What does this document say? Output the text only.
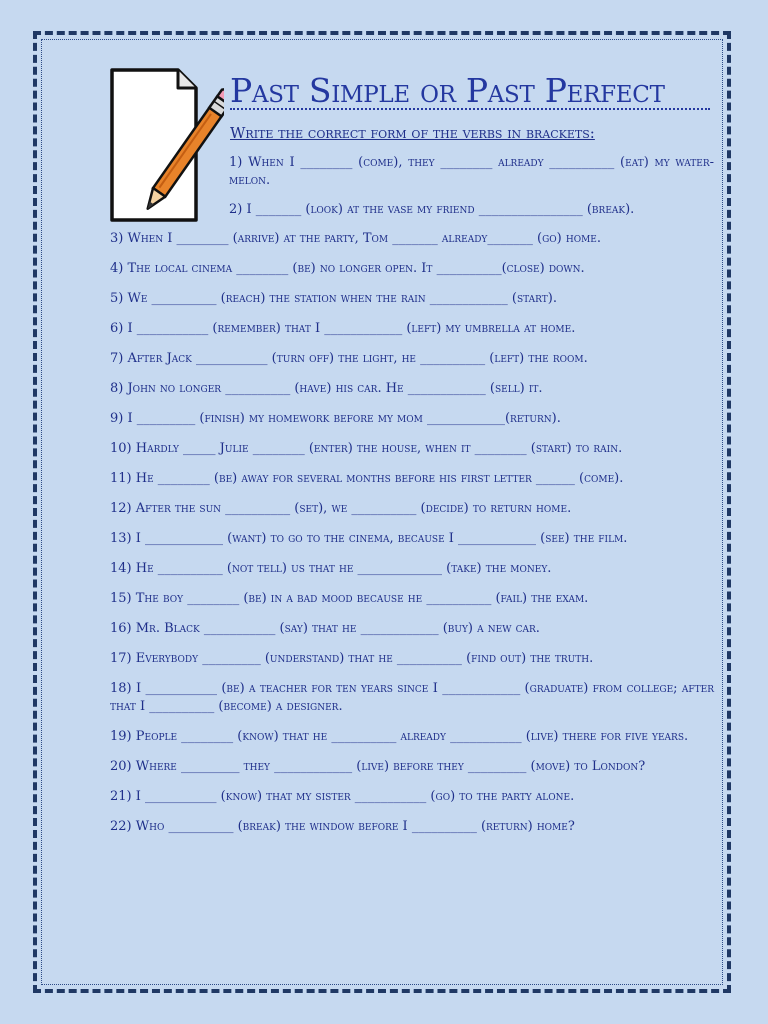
Past Simple or Past Perfect
Write the correct form of the verbs in brackets:

1) When I ________ (come), they ________ already __________ (eat) my water-melon.

2) I _______ (look) at the vase my friend ________________ (break).

3) When I ________ (arrive) at the party, Tom _______ already_______ (go) home.

4) The local cinema ________ (be) no longer open. It __________(close) down.

5) We __________ (reach) the station when the rain ____________ (start).

6) I ___________ (remember) that I ____________ (left) my umbrella at home.

7) After Jack ___________ (turn off) the light, he __________ (left) the room.

8) John no longer __________ (have) his car. He ____________ (sell) it.

9) I _________ (finish) my homework before my mom ____________(return).

10) Hardly _____ Julie ________ (enter) the house, when it ________ (start) to rain.

11) He ________ (be) away for several months before his first letter ______ (come).

12) After the sun __________ (set), we __________ (decide) to return home.

13) I ____________ (want) to go to the cinema, because I ____________ (see) the film.

14) He __________ (not tell) us that he _____________ (take) the money.

15) The boy ________ (be) in a bad mood because he __________ (fail) the exam.

16) Mr. Black ___________ (say) that he ____________ (buy) a new car.

17) Everybody _________ (understand) that he __________ (find out) the truth.

18) I ___________ (be) a teacher for ten years since I ____________ (graduate) from college; after that I __________ (become) a designer.

19) People ________ (know) that he __________ already ___________ (live) there for five years.

20) Where _________ they ____________ (live) before they _________ (move) to London?

21) I ___________ (know) that my sister ___________ (go) to the party alone.

22) Who __________ (break) the window before I __________ (return) home?
